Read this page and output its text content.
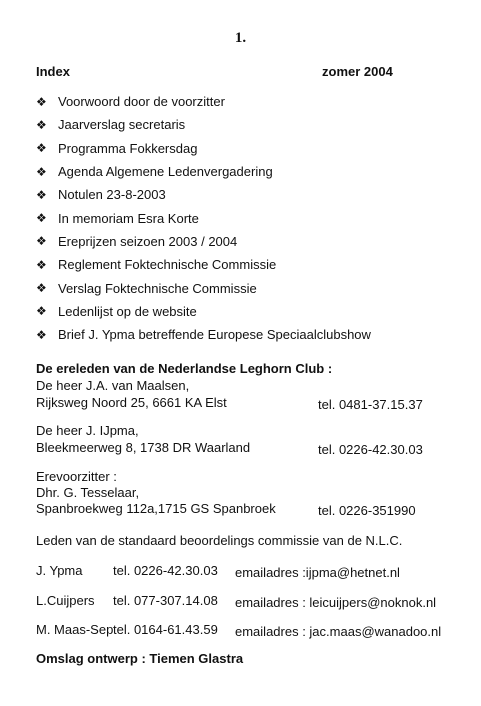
1.
Index	zomer 2004
❖ Voorwoord door de voorzitter
❖ Jaarverslag secretaris
❖ Programma Fokkersdag
❖ Agenda Algemene Ledenvergadering
❖ Notulen 23-8-2003
❖ In memoriam Esra Korte
❖ Ereprijzen seizoen 2003 / 2004
❖ Reglement Foktechnische Commissie
❖ Verslag Foktechnische Commissie
❖ Ledenlijst op de website
❖ Brief J. Ypma betreffende Europese Speciaalclubshow
De ereleden van de Nederlandse Leghorn Club :
De heer J.A. van Maalsen,
Rijksweg Noord 25, 6661 KA Elst	tel. 0481-37.15.37
De heer J. IJpma,
Bleekmeerweg 8, 1738 DR Waarland	tel. 0226-42.30.03
Erevoorzitter :
Dhr. G. Tesselaar,
Spanbroekweg 112a,1715 GS Spanbroek	tel. 0226-351990
Leden van de standaard beoordelings commissie van de N.L.C.
J. Ypma tel. 0226-42.30.03 emailadres :ijpma@hetnet.nl
L.Cuijpers tel. 077-307.14.08 emailadres : leicuijpers@noknok.nl
M. Maas-Sep tel. 0164-61.43.59 emailadres : jac.maas@wanadoo.nl
Omslag ontwerp : Tiemen Glastra
